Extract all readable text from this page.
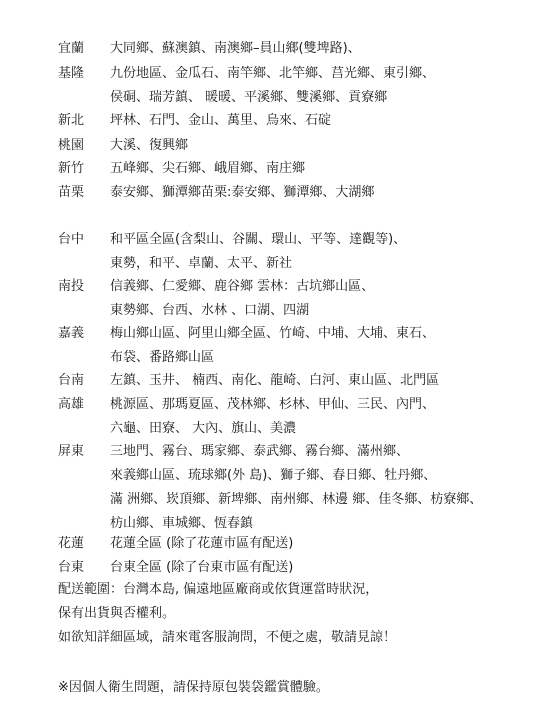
宜蘭 大同鄉、蘇澳鎮、南澳鄉–員山鄉(雙埤路)、
基隆 九份地區、金瓜石、南竿鄉、北竿鄉、莒光鄉、東引鄉、
侯硐、瑞芳鎮、 暖暖、平溪鄉、雙溪鄉、貢寮鄉
新北 坪林、石門、金山、萬里、烏來、石碇
桃園 大溪、復興鄉
新竹 五峰鄉、尖石鄉、峨眉鄉、南庄鄉
苗栗 泰安鄉、獅潭鄉苗栗:泰安鄉、獅潭鄉、大湖鄉
台中 和平區全區(含梨山、谷關、環山、平等、達觀等)、
東勢，和平、卓蘭、太平、新社
南投 信義鄉、仁愛鄉、鹿谷鄉 雲林：古坑鄉山區、
東勢鄉、台西、水林 、口湖、四湖
嘉義 梅山鄉山區、阿里山鄉全區、竹崎、中埔、大埔、東石、
布袋、番路鄉山區
台南 左鎮、玉井、 楠西、南化、龍崎、白河、東山區、北門區
高雄 桃源區、那瑪夏區、茂林鄉、杉林、甲仙、三民、內門、
六龜、田寮、 大內、旗山、美濃
屏東 三地門、霧台、瑪家鄉、泰武鄉、霧台鄉、滿州鄉、
來義鄉山區、琉球鄉(外 島)、獅子鄉、春日鄉、牡丹鄉、
滿 洲鄉、崁頂鄉、新埤鄉、南州鄉、林邊 鄉、佳冬鄉、枋寮鄉、
枋山鄉、車城鄉、恆春鎮
花蓮 花蓮全區 (除了花蓮市區有配送)
台東 台東全區 (除了台東市區有配送)
配送範圍：台灣本島, 偏遠地區廠商或依貨運當時狀況，
保有出貨與否權利。
如欲知詳細區域，請來電客服詢問，不便之處，敬請見諒！
※因個人衛生問題，請保持原包裝袋鑑賞體驗。
